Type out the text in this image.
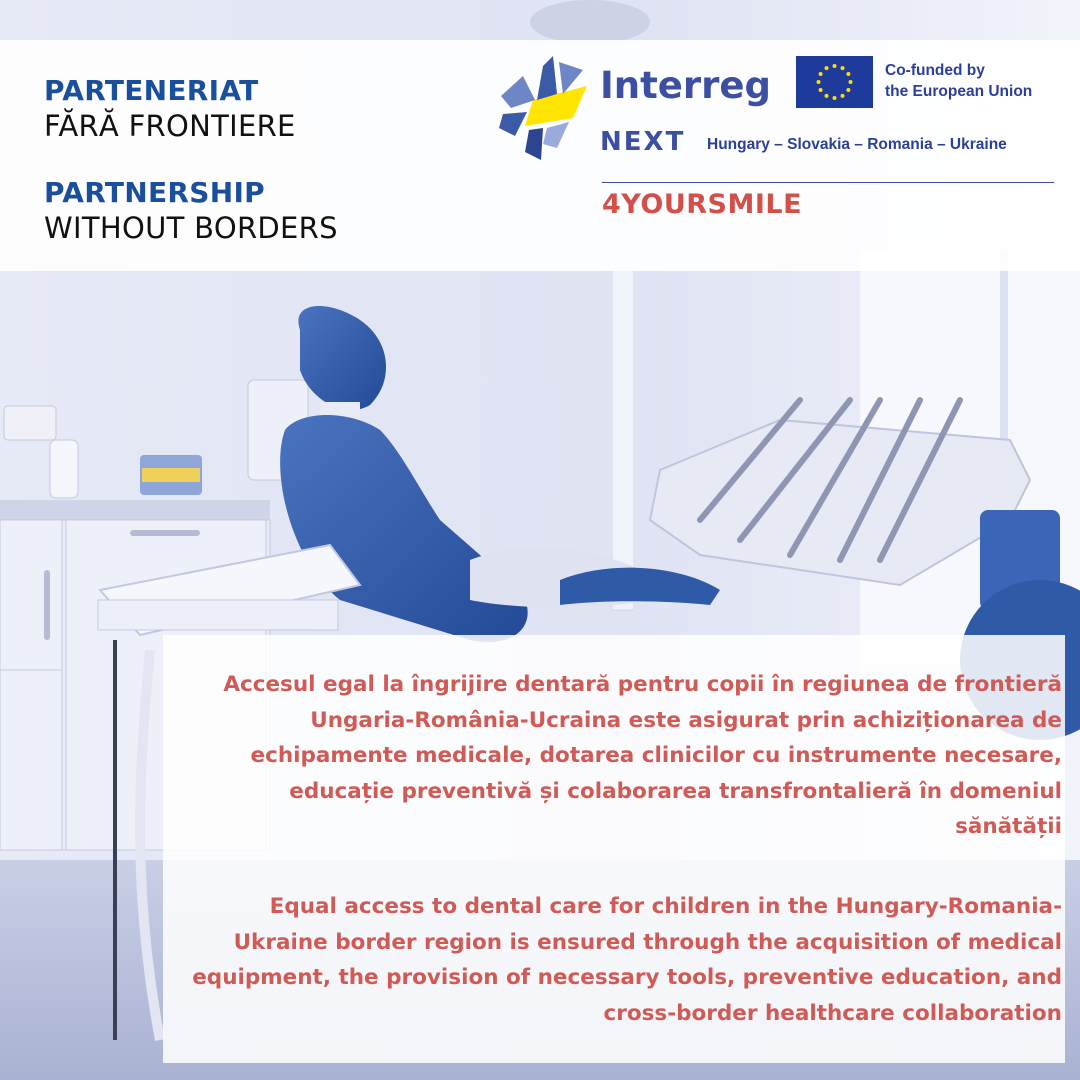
PARTENERIAT
FĂRĂ FRONTIERE
PARTNERSHIP
WITHOUT BORDERS
Interreg	Co-funded by
the European Union
NEXT Hungary – Slovakia – Romania – Ukraine
4YOURSMILE

Accesul egal la îngrijire dentară pentru copii în regiunea de frontieră Ungaria-România-Ucraina este asigurat prin achiziționarea de echipamente medicale, dotarea clinicilor cu instrumente necesare, educație preventivă și colaborarea transfrontalieră în domeniul sănătății

Equal access to dental care for children in the Hungary-Romania-Ukraine border region is ensured through the acquisition of medical equipment, the provision of necessary tools, preventive education, and cross-border healthcare collaboration
